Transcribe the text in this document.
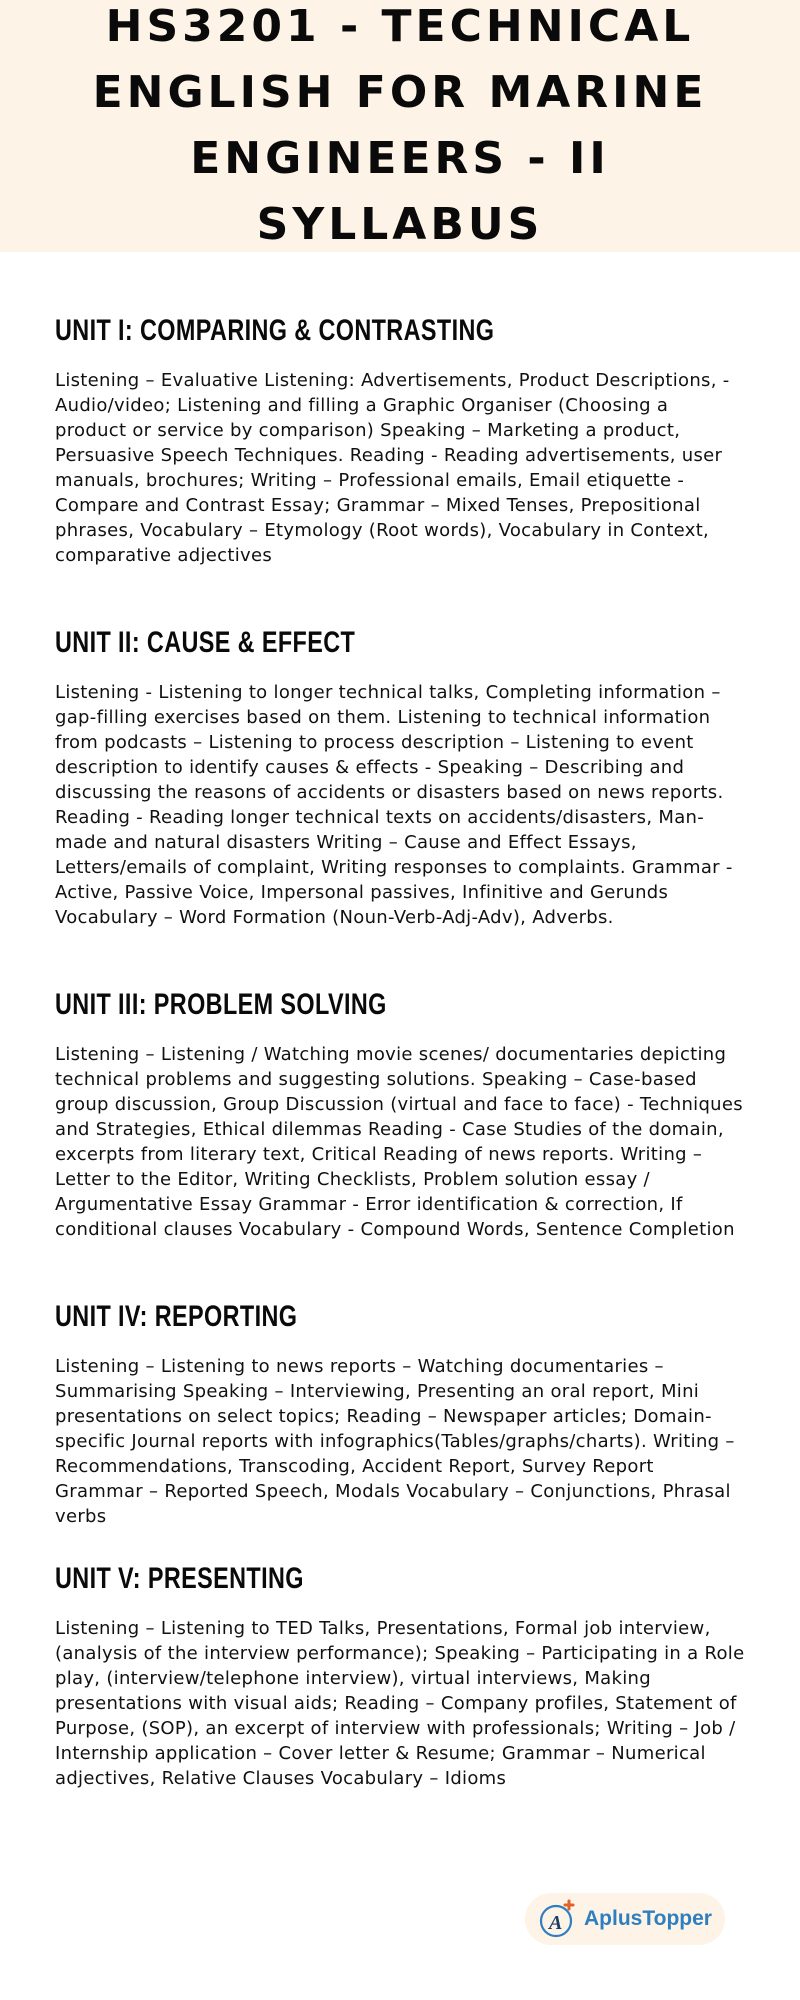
HS3201 - TECHNICAL ENGLISH FOR MARINE ENGINEERS - II SYLLABUS
UNIT I: COMPARING & CONTRASTING

Listening – Evaluative Listening: Advertisements, Product Descriptions, -Audio/video; Listening and filling a Graphic Organiser (Choosing a product or service by comparison) Speaking – Marketing a product, Persuasive Speech Techniques. Reading - Reading advertisements, user manuals, brochures; Writing – Professional emails, Email etiquette - Compare and Contrast Essay; Grammar – Mixed Tenses, Prepositional phrases, Vocabulary – Etymology (Root words), Vocabulary in Context, comparative adjectives

UNIT II: CAUSE & EFFECT

Listening - Listening to longer technical talks, Completing information – gap-filling exercises based on them. Listening to technical information from podcasts – Listening to process description – Listening to event description to identify causes & effects - Speaking – Describing and discussing the reasons of accidents or disasters based on news reports. Reading - Reading longer technical texts on accidents/disasters, Man-made and natural disasters Writing – Cause and Effect Essays, Letters/emails of complaint, Writing responses to complaints. Grammar - Active, Passive Voice, Impersonal passives, Infinitive and Gerunds Vocabulary – Word Formation (Noun-Verb-Adj-Adv), Adverbs.

UNIT III: PROBLEM SOLVING

Listening – Listening / Watching movie scenes/ documentaries depicting technical problems and suggesting solutions. Speaking – Case-based group discussion, Group Discussion (virtual and face to face) - Techniques and Strategies, Ethical dilemmas Reading - Case Studies of the domain, excerpts from literary text, Critical Reading of news reports. Writing – Letter to the Editor, Writing Checklists, Problem solution essay / Argumentative Essay Grammar - Error identification & correction, If conditional clauses Vocabulary - Compound Words, Sentence Completion

UNIT IV: REPORTING

Listening – Listening to news reports – Watching documentaries – Summarising Speaking – Interviewing, Presenting an oral report, Mini presentations on select topics; Reading – Newspaper articles; Domain-specific Journal reports with infographics(Tables/graphs/charts). Writing – Recommendations, Transcoding, Accident Report, Survey Report Grammar – Reported Speech, Modals Vocabulary – Conjunctions, Phrasal verbs

UNIT V: PRESENTING

Listening – Listening to TED Talks, Presentations, Formal job interview, (analysis of the interview performance); Speaking – Participating in a Role play, (interview/telephone interview), virtual interviews, Making presentations with visual aids; Reading – Company profiles, Statement of Purpose, (SOP), an excerpt of interview with professionals; Writing – Job / Internship application – Cover letter & Resume; Grammar – Numerical adjectives, Relative Clauses Vocabulary – Idioms

A AplusTopper
